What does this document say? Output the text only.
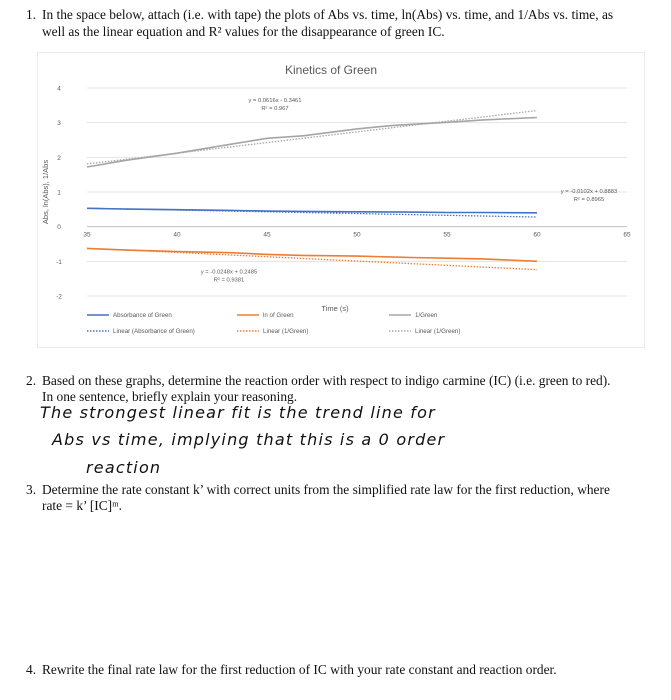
1. In the space below, attach (i.e. with tape) the plots of Abs vs. time, ln(Abs) vs. time, and 1/Abs vs. time, as
well as the linear equation and R² values for the disappearance of green IC.
Kinetics of Green
-2
-1
0
1
2
3
4
35	40	45	50	55	60	65
y = -0.0102x + 0.8883
R² = 0.8965
y = 0.0616x - 0.3461
R² = 0.967
y = -0.0248x + 0.2485
R² = 0.9381
Time (s)
Abs, ln(Abs), 1/Abs
Absorbance of Green	ln of Green	1/Green
Linear (Absorbance of Green)	Linear (1/Green)	Linear (1/Green)
2. Based on these graphs, determine the reaction order with respect to indigo carmine (IC) (i.e. green to red).
In one sentence, briefly explain your reasoning.
The strongest linear fit is the trend line for
Abs vs time, implying that this is a 0 order
reaction
3. Determine the rate constant k’ with correct units from the simplified rate law for the first reduction, where
rate = k’ [IC]ᵐ.
4. Rewrite the final rate law for the first reduction of IC with your rate constant and reaction order.
